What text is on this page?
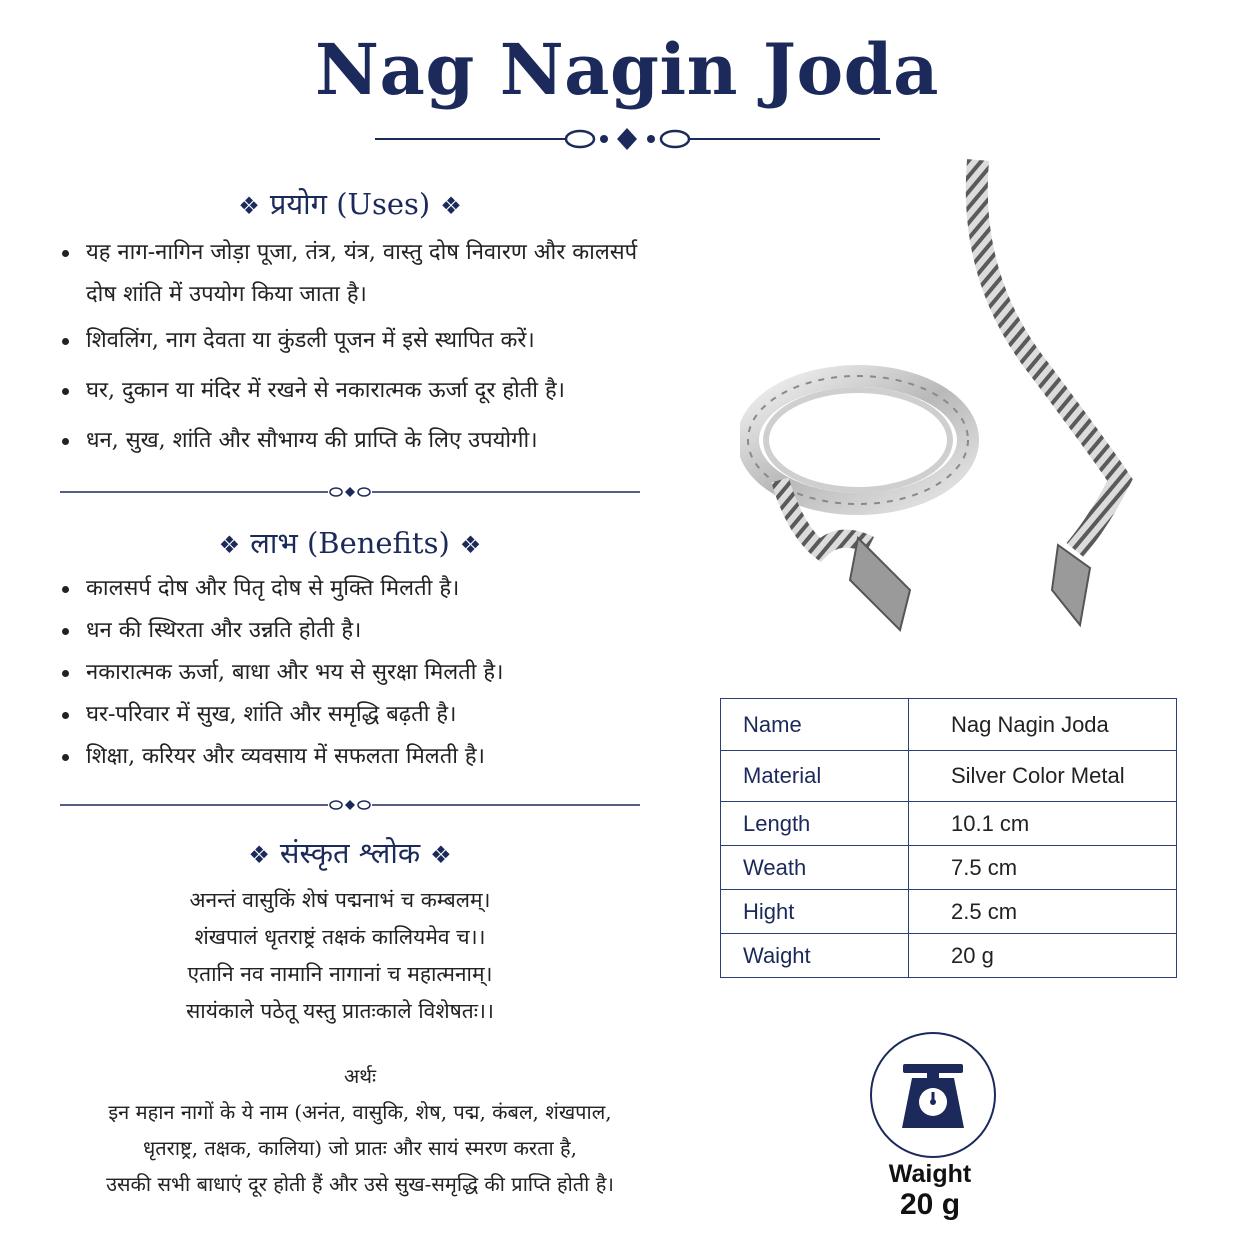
Nag Nagin Joda
❖ प्रयोग (Uses) ❖
यह नाग-नागिन जोड़ा पूजा, तंत्र, यंत्र, वास्तु दोष निवारण और कालसर्प दोष शांति में उपयोग किया जाता है।
शिवलिंग, नाग देवता या कुंडली पूजन में इसे स्थापित करें।
घर, दुकान या मंदिर में रखने से नकारात्मक ऊर्जा दूर होती है।
धन, सुख, शांति और सौभाग्य की प्राप्ति के लिए उपयोगी।
❖ लाभ (Benefits) ❖
कालसर्प दोष और पितृ दोष से मुक्ति मिलती है।
धन की स्थिरता और उन्नति होती है।
नकारात्मक ऊर्जा, बाधा और भय से सुरक्षा मिलती है।
घर-परिवार में सुख, शांति और समृद्धि बढ़ती है।
शिक्षा, करियर और व्यवसाय में सफलता मिलती है।
❖ संस्कृत श्लोक ❖
अनन्तं वासुकिं शेषं पद्मनाभं च कम्बलम्।
शंखपालं धृतराष्ट्रं तक्षकं कालियमेव च।।
एतानि नव नामानि नागानां च महात्मनाम्।
सायंकाले पठेतू यस्तु प्रातःकाले विशेषतः।।
अर्थः
इन महान नागों के ये नाम (अनंत, वासुकि, शेष, पद्म, कंबल, शंखपाल,
धृतराष्ट्र, तक्षक, कालिया) जो प्रातः और सायं स्मरण करता है,
उसकी सभी बाधाएं दूर होती हैं और उसे सुख-समृद्धि की प्राप्ति होती है।
Name	Nag Nagin Joda
Material	Silver Color Metal
Length	10.1 cm
Weath	7.5 cm
Hight	2.5 cm
Waight	20 g
Waight
20 g
